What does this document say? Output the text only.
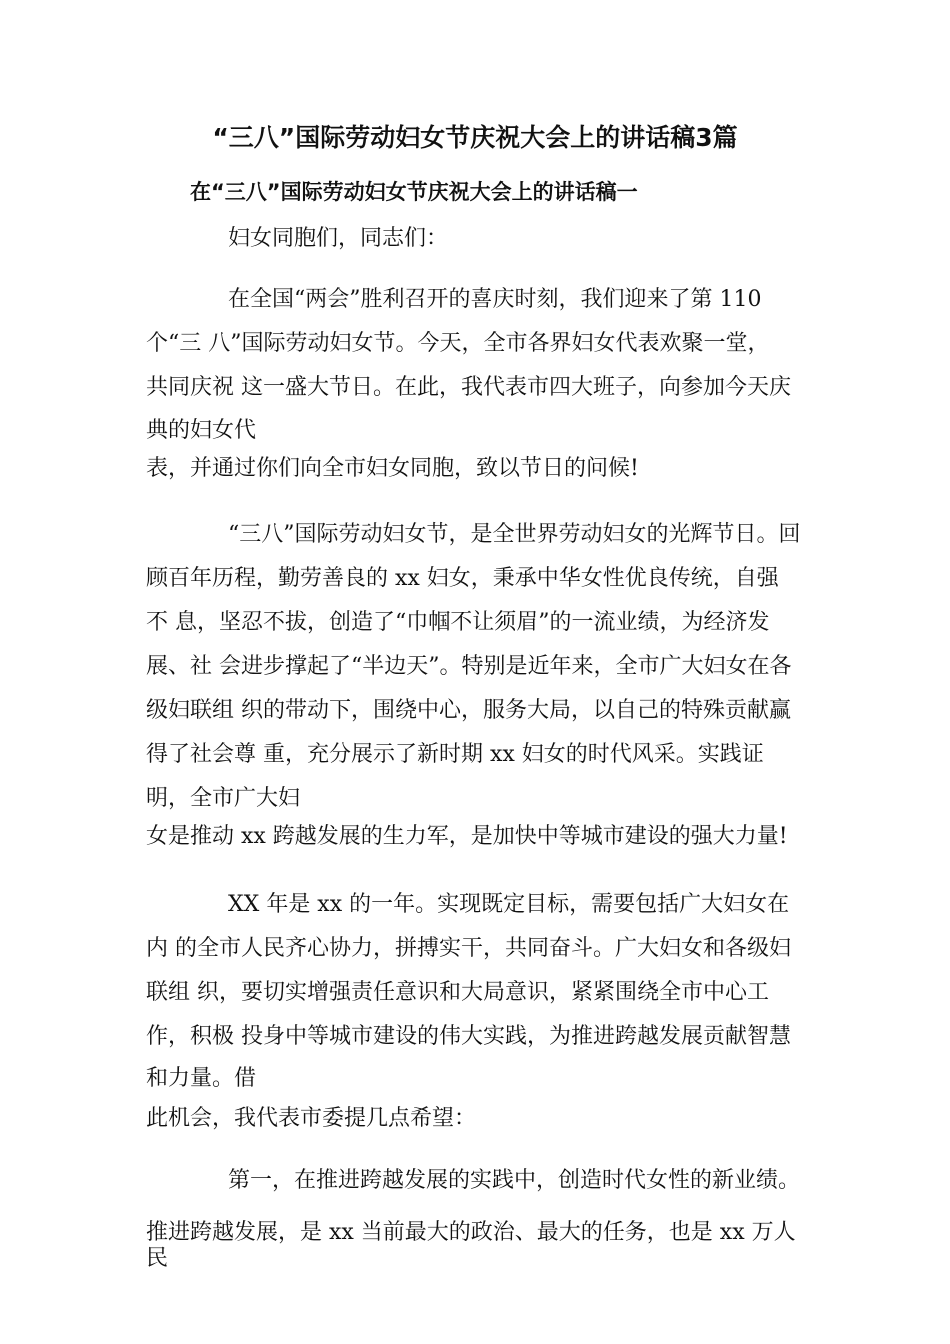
“三八”国际劳动妇女节庆祝大会上的讲话稿3篇
在“三八”国际劳动妇女节庆祝大会上的讲话稿一
妇女同胞们，同志们：
在全国“两会”胜利召开的喜庆时刻，我们迎来了第 110
个“三 八”国际劳动妇女节。今天，全市各界妇女代表欢聚一堂，
共同庆祝 这一盛大节日。在此，我代表市四大班子，向参加今天庆
典的妇女代
表，并通过你们向全市妇女同胞，致以节日的问候!
“三八”国际劳动妇女节，是全世界劳动妇女的光辉节日。回
顾百年历程，勤劳善良的 xx 妇女，秉承中华女性优良传统，自强
不 息，坚忍不拔，创造了“巾帼不让须眉”的一流业绩，为经济发
展、社 会进步撑起了“半边天”。特别是近年来，全市广大妇女在各
级妇联组 织的带动下，围绕中心，服务大局，以自己的特殊贡献赢
得了社会尊 重，充分展示了新时期 xx 妇女的时代风采。实践证
明，全市广大妇
女是推动 xx 跨越发展的生力军，是加快中等城市建设的强大力量!
XX 年是 xx 的一年。实现既定目标，需要包括广大妇女在
内 的全市人民齐心协力，拼搏实干，共同奋斗。广大妇女和各级妇
联组 织，要切实增强责任意识和大局意识，紧紧围绕全市中心工
作，积极 投身中等城市建设的伟大实践，为推进跨越发展贡献智慧
和力量。借
此机会，我代表市委提几点希望：
第一，在推进跨越发展的实践中，创造时代女性的新业绩。
推进跨越发展，是 xx 当前最大的政治、最大的任务，也是 xx 万人
民
